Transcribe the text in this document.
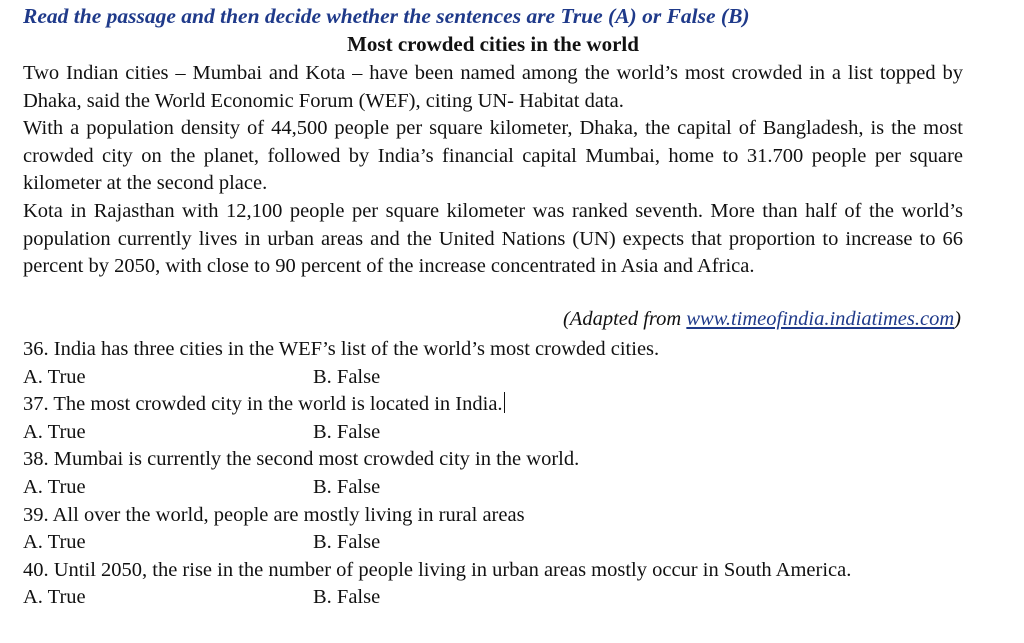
Read the passage and then decide whether the sentences are True (A) or False (B)
Most crowded cities in the world

Two Indian cities – Mumbai and Kota – have been named among the world’s most crowded in a list topped by Dhaka, said the World Economic Forum (WEF), citing UN- Habitat data.

With a population density of 44,500 people per square kilometer, Dhaka, the capital of Bangladesh, is the most crowded city on the planet, followed by India’s financial capital Mumbai, home to 31.700 people per square kilometer at the second place.

Kota in Rajasthan with 12,100 people per square kilometer was ranked seventh. More than half of the world’s population currently lives in urban areas and the United Nations (UN) expects that proportion to increase to 66 percent by 2050, with close to 90 percent of the increase concentrated in Asia and Africa.

(Adapted from www.timeofindia.indiatimes.com)

36. India has three cities in the WEF’s list of the world’s most crowded cities.

A. True	B. False

37. The most crowded city in the world is located in India.

A. True	B. False

38. Mumbai is currently the second most crowded city in the world.

A. True	B. False

39. All over the world, people are mostly living in rural areas

A. True	B. False

40. Until 2050, the rise in the number of people living in urban areas mostly occur in South America.

A. True	B. False
